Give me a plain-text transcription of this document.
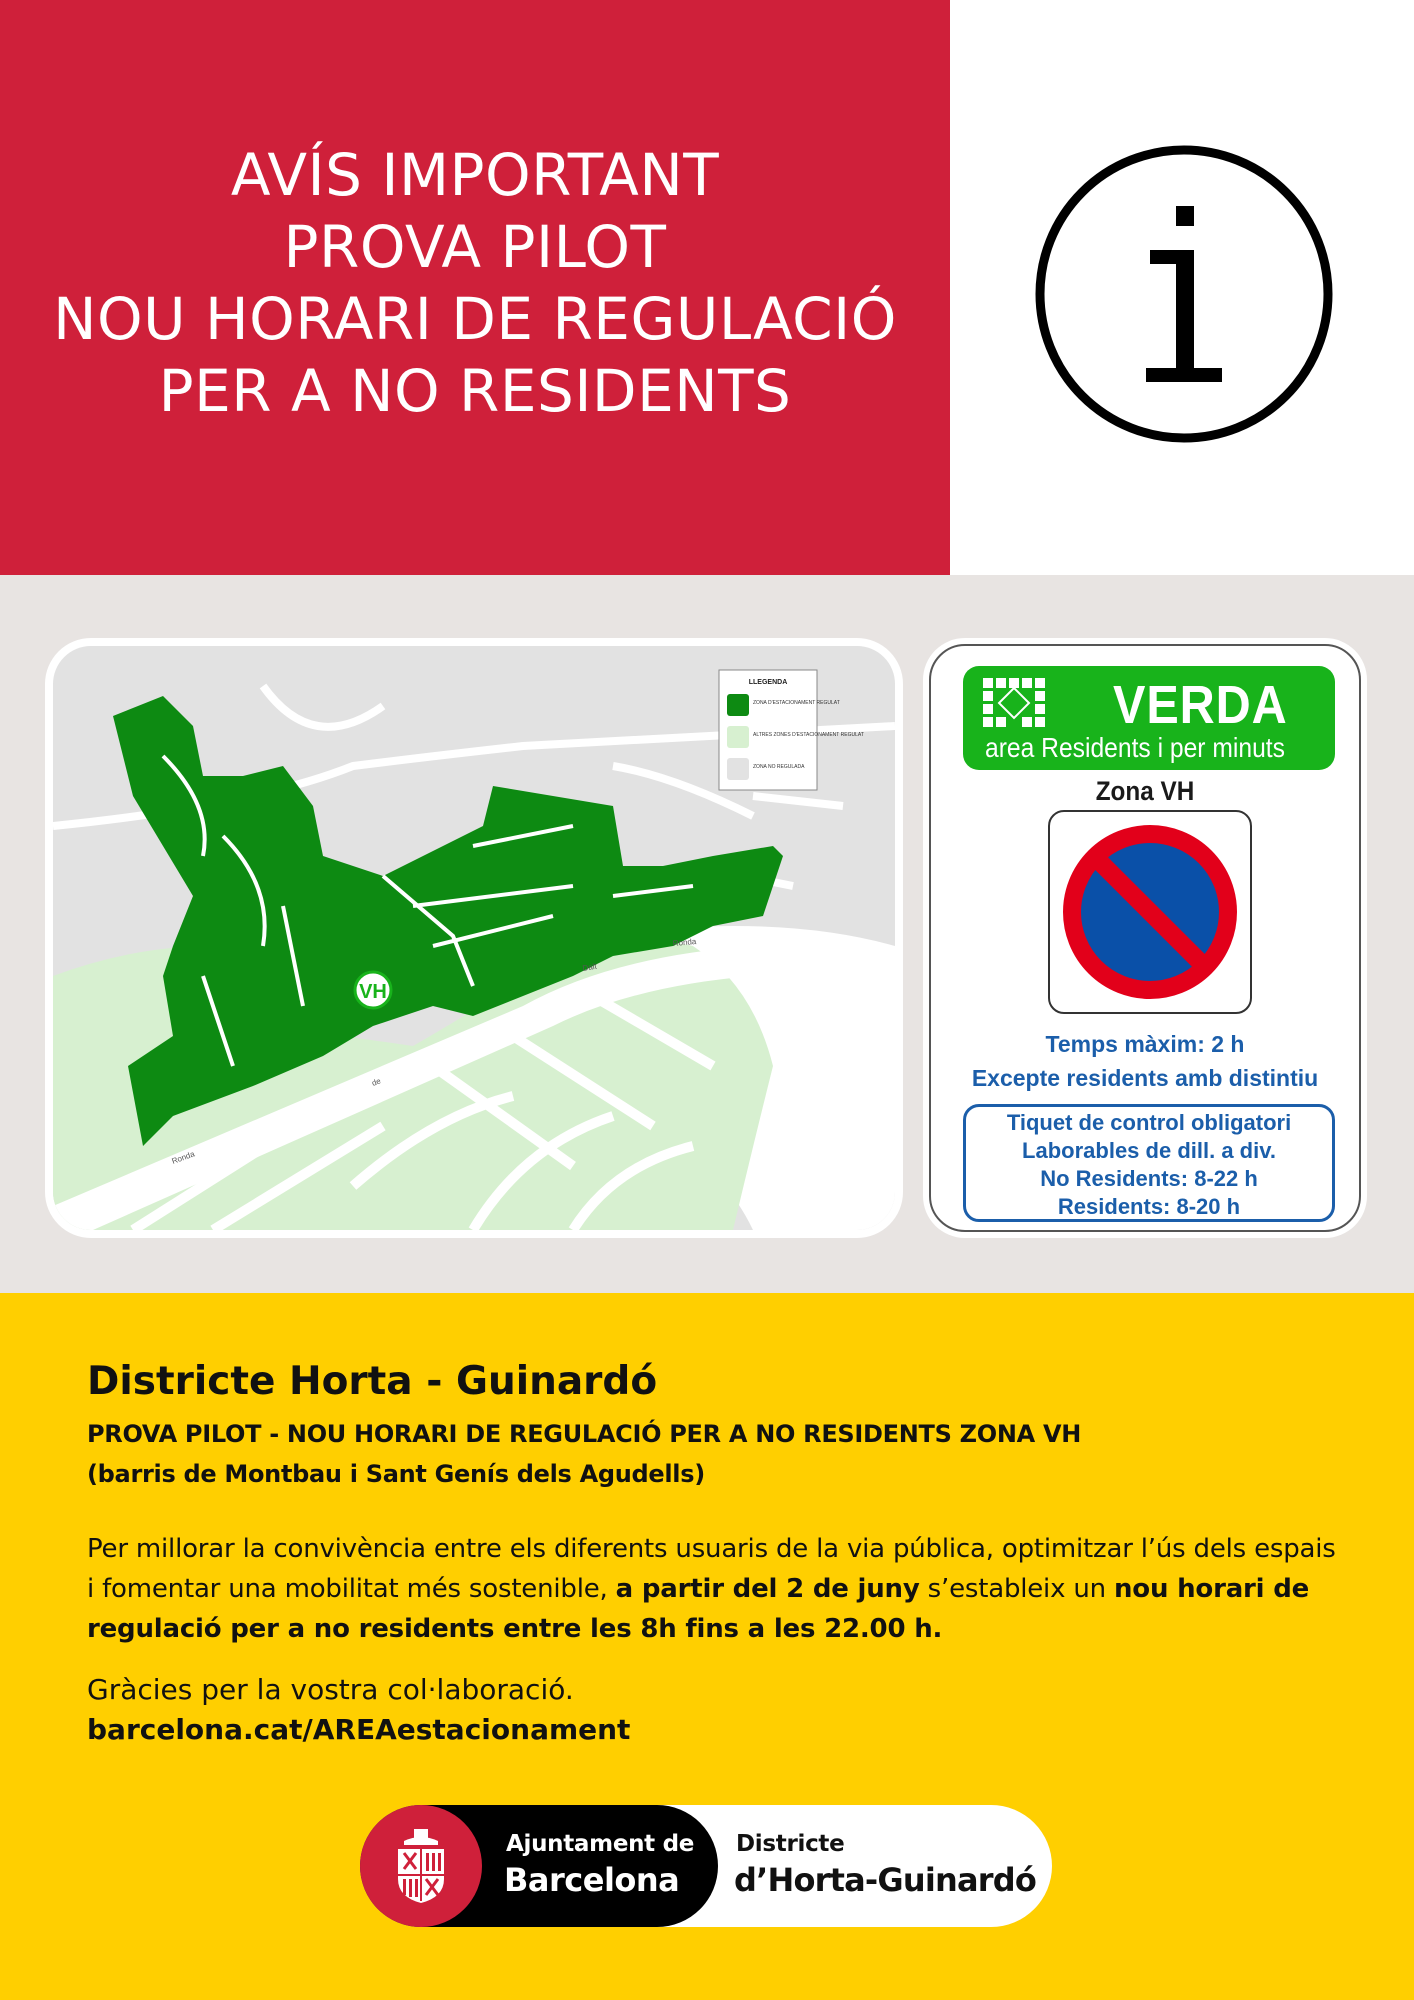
AVÍS IMPORTANT
PROVA PILOT
NOU HORARI DE REGULACIÓ
PER A NO RESIDENTS
VH
Ronda
Dalt
de
Ronda
LLEGENDA
ZONA D'ESTACIONAMENT REGULAT
ALTRES ZONES D'ESTACIONAMENT REGULAT
ZONA NO REGULADA
VERDA
area Residents i per minuts
Zona VH
Temps màxim: 2 h
Excepte residents amb distintiu
Tiquet de control obligatori
Laborables de dill. a div.
No Residents: 8-22 h
Residents: 8-20 h
Districte Horta - Guinardó
PROVA PILOT - NOU HORARI DE REGULACIÓ PER A NO RESIDENTS ZONA VH
(barris de Montbau i Sant Genís dels Agudells)
Per millorar la convivència entre els diferents usuaris de la via pública, optimitzar l’ús dels espais i fomentar una mobilitat més sostenible, a partir del 2 de juny s’estableix un nou horari de regulació per a no residents entre les 8h fins a les 22.00 h.
Gràcies per la vostra col·laboració.
barcelona.cat/AREAestacionament
Ajuntament de
Barcelona
Districte
d’Horta-Guinardó
